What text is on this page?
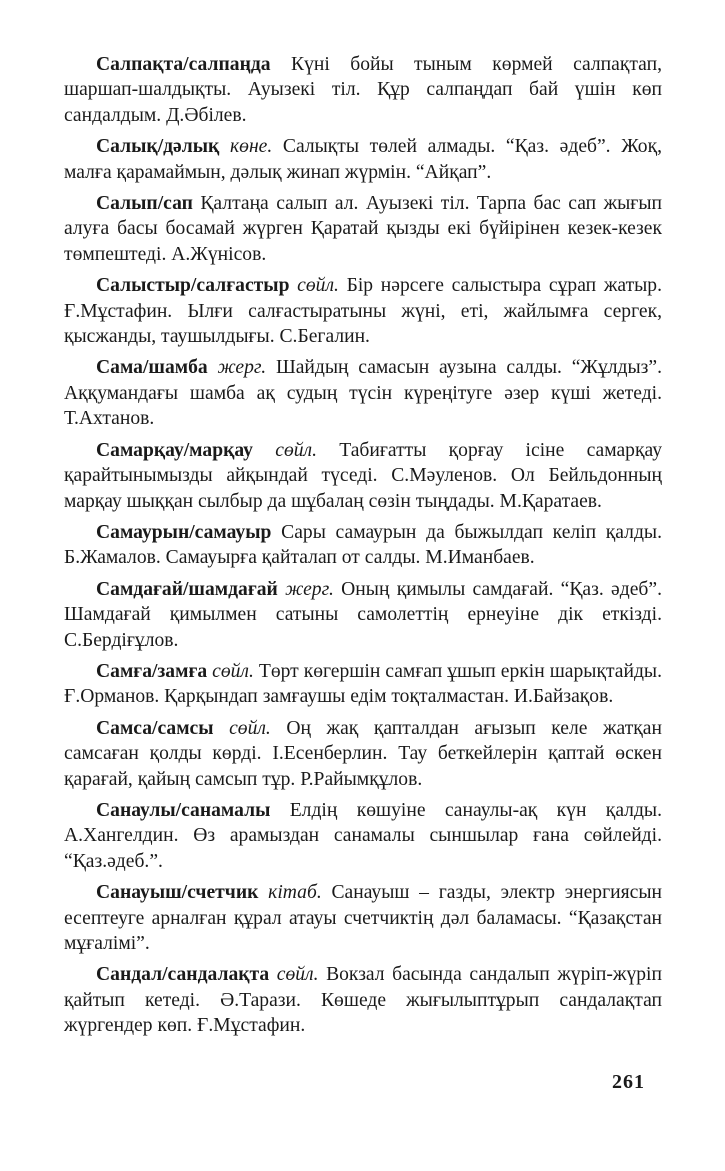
Салпақта/салпаңда Күні бойы тыным көрмей салпақтап, шаршап-шалдықты. Ауызекі тіл. Құр салпаңдап бай үшін көп сандалдым. Д.Әбілев.

Салық/дәлық көне. Салықты төлей алмады. “Қаз. әдеб”. Жоқ, малға қарамаймын, дәлық жинап жүрмін. “Айқап”.

Салып/сап Қалтаңа салып ал. Ауызекі тіл. Тарпа бас сап жығып алуға басы босамай жүрген Қаратай қызды екі бүйірінен кезек-кезек төмпештеді. А.Жүнісов.

Салыстыр/салғастыр сөйл. Бір нәрсеге салыстыра сұрап жатыр. Ғ.Мұстафин. Ылғи салғастыратыны жүні, еті, жайлымға сергек, қысжанды, таушылдығы. С.Бегалин.

Сама/шамба жерг. Шайдың самасын аузына салды. “Жұлдыз”. Аққумандағы шамба ақ судың түсін күреңітуге әзер күші жетеді. Т.Ахтанов.

Самарқау/марқау сөйл. Табиғатты қорғау ісіне самарқау қарайтынымызды айқындай түседі. С.Мәуленов. Ол Бейльдонның марқау шыққан сылбыр да шұбалаң сөзін тыңдады. М.Қаратаев.

Самаурын/самауыр Сары самаурын да быжылдап келіп қалды. Б.Жамалов. Самауырға қайталап от салды. М.Иманбаев.

Самдағай/шамдағай жерг. Оның қимылы самдағай. “Қаз. әдеб”. Шамдағай қимылмен сатыны самолеттің ернеуіне дік еткізді. С.Бердіғұлов.

Самға/замға сөйл. Төрт көгершін самғап ұшып еркін шарықтайды. Ғ.Орманов. Қарқындап замғаушы едім тоқталмастан. И.Байзақов.

Самса/самсы сөйл. Оң жақ қапталдан ағызып келе жатқан самсаған қолды көрді. І.Есенберлин. Тау беткейлерін қаптай өскен қарағай, қайың самсып тұр. Р.Райымқұлов.

Санаулы/санамалы Елдің көшуіне санаулы-ақ күн қалды. А.Хангелдин. Өз арамыздан санамалы сыншылар ғана сөйлейді. “Қаз.әдеб.”.

Санауыш/счетчик кітаб. Санауыш – газды, электр энергиясын есептеуге арналған құрал атауы счетчиктің дәл баламасы. “Қазақстан мұғалімі”.

Сандал/сандалақта сөйл. Вокзал басында сандалып жүріп-жүріп қайтып кетеді. Ә.Тарази. Көшеде жығылыптұрып сандалақтап жүргендер көп. Ғ.Мұстафин.

261
